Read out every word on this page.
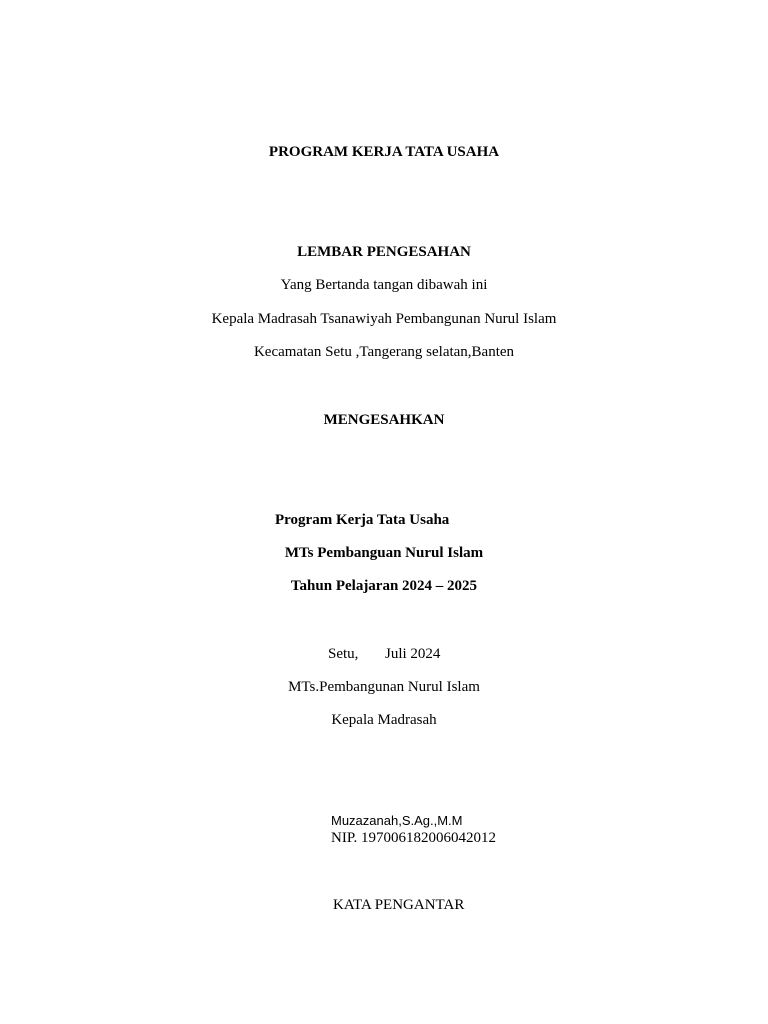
PROGRAM KERJA TATA USAHA
LEMBAR PENGESAHAN
Yang Bertanda tangan dibawah ini
Kepala Madrasah Tsanawiyah Pembangunan Nurul Islam
Kecamatan Setu ,Tangerang selatan,Banten
MENGESAHKAN
Program Kerja Tata Usaha
MTs Pembanguan Nurul Islam
Tahun Pelajaran 2024 – 2025
Setu, Juli 2024
MTs.Pembangunan Nurul Islam
Kepala Madrasah
Muzazanah,S.Ag.,M.M
NIP. 197006182006042012
KATA PENGANTAR
